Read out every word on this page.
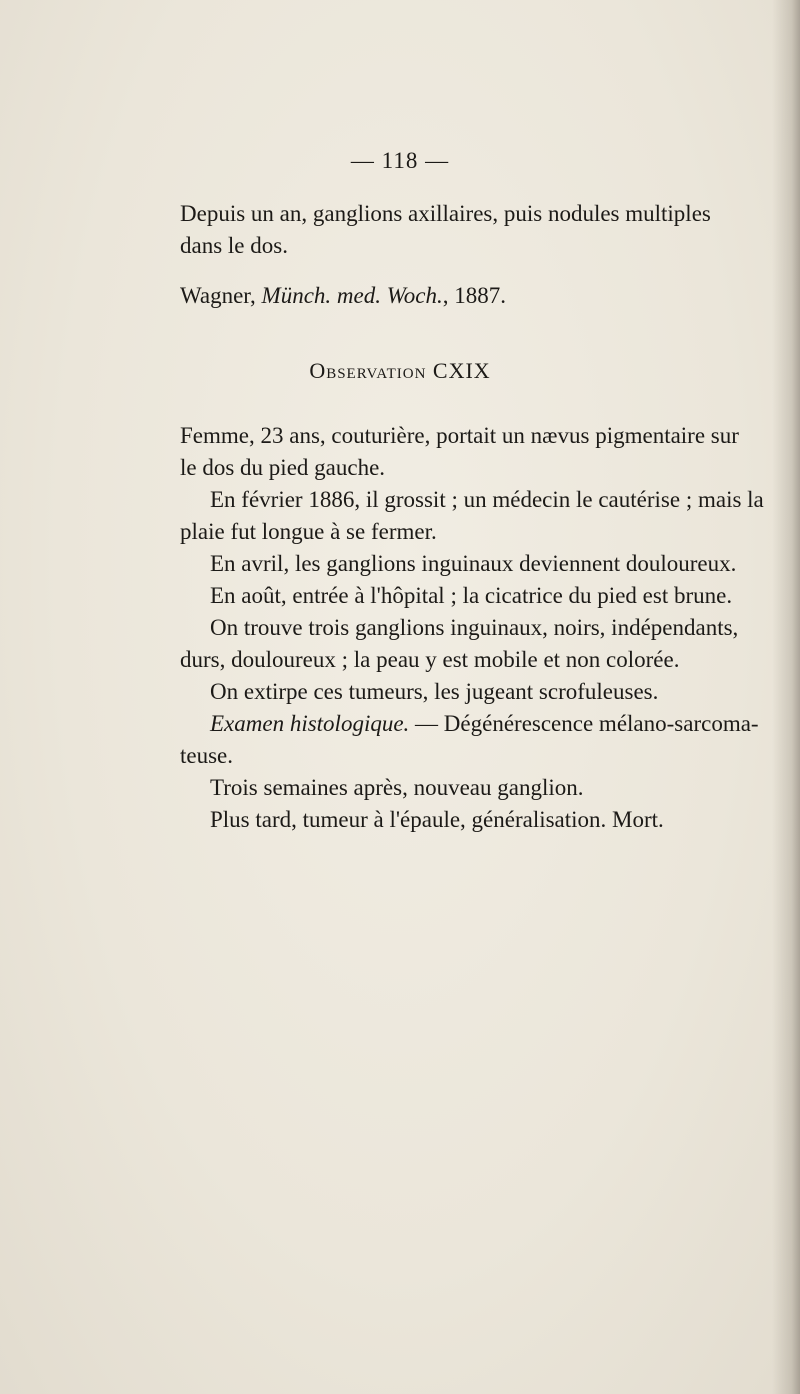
— 118 —

Depuis un an, ganglions axillaires, puis nodules multiples

dans le dos.

Wagner, Münch. med. Woch., 1887.

Observation CXIX

Femme, 23 ans, couturière, portait un nævus pigmentaire sur

le dos du pied gauche.

En février 1886, il grossit ; un médecin le cautérise ; mais la

plaie fut longue à se fermer.

En avril, les ganglions inguinaux deviennent douloureux.

En août, entrée à l'hôpital ; la cicatrice du pied est brune.

On trouve trois ganglions inguinaux, noirs, indépendants,

durs, douloureux ; la peau y est mobile et non colorée.

On extirpe ces tumeurs, les jugeant scrofuleuses.

Examen histologique. — Dégénérescence mélano-sarcoma-

teuse.

Trois semaines après, nouveau ganglion.

Plus tard, tumeur à l'épaule, généralisation. Mort.
